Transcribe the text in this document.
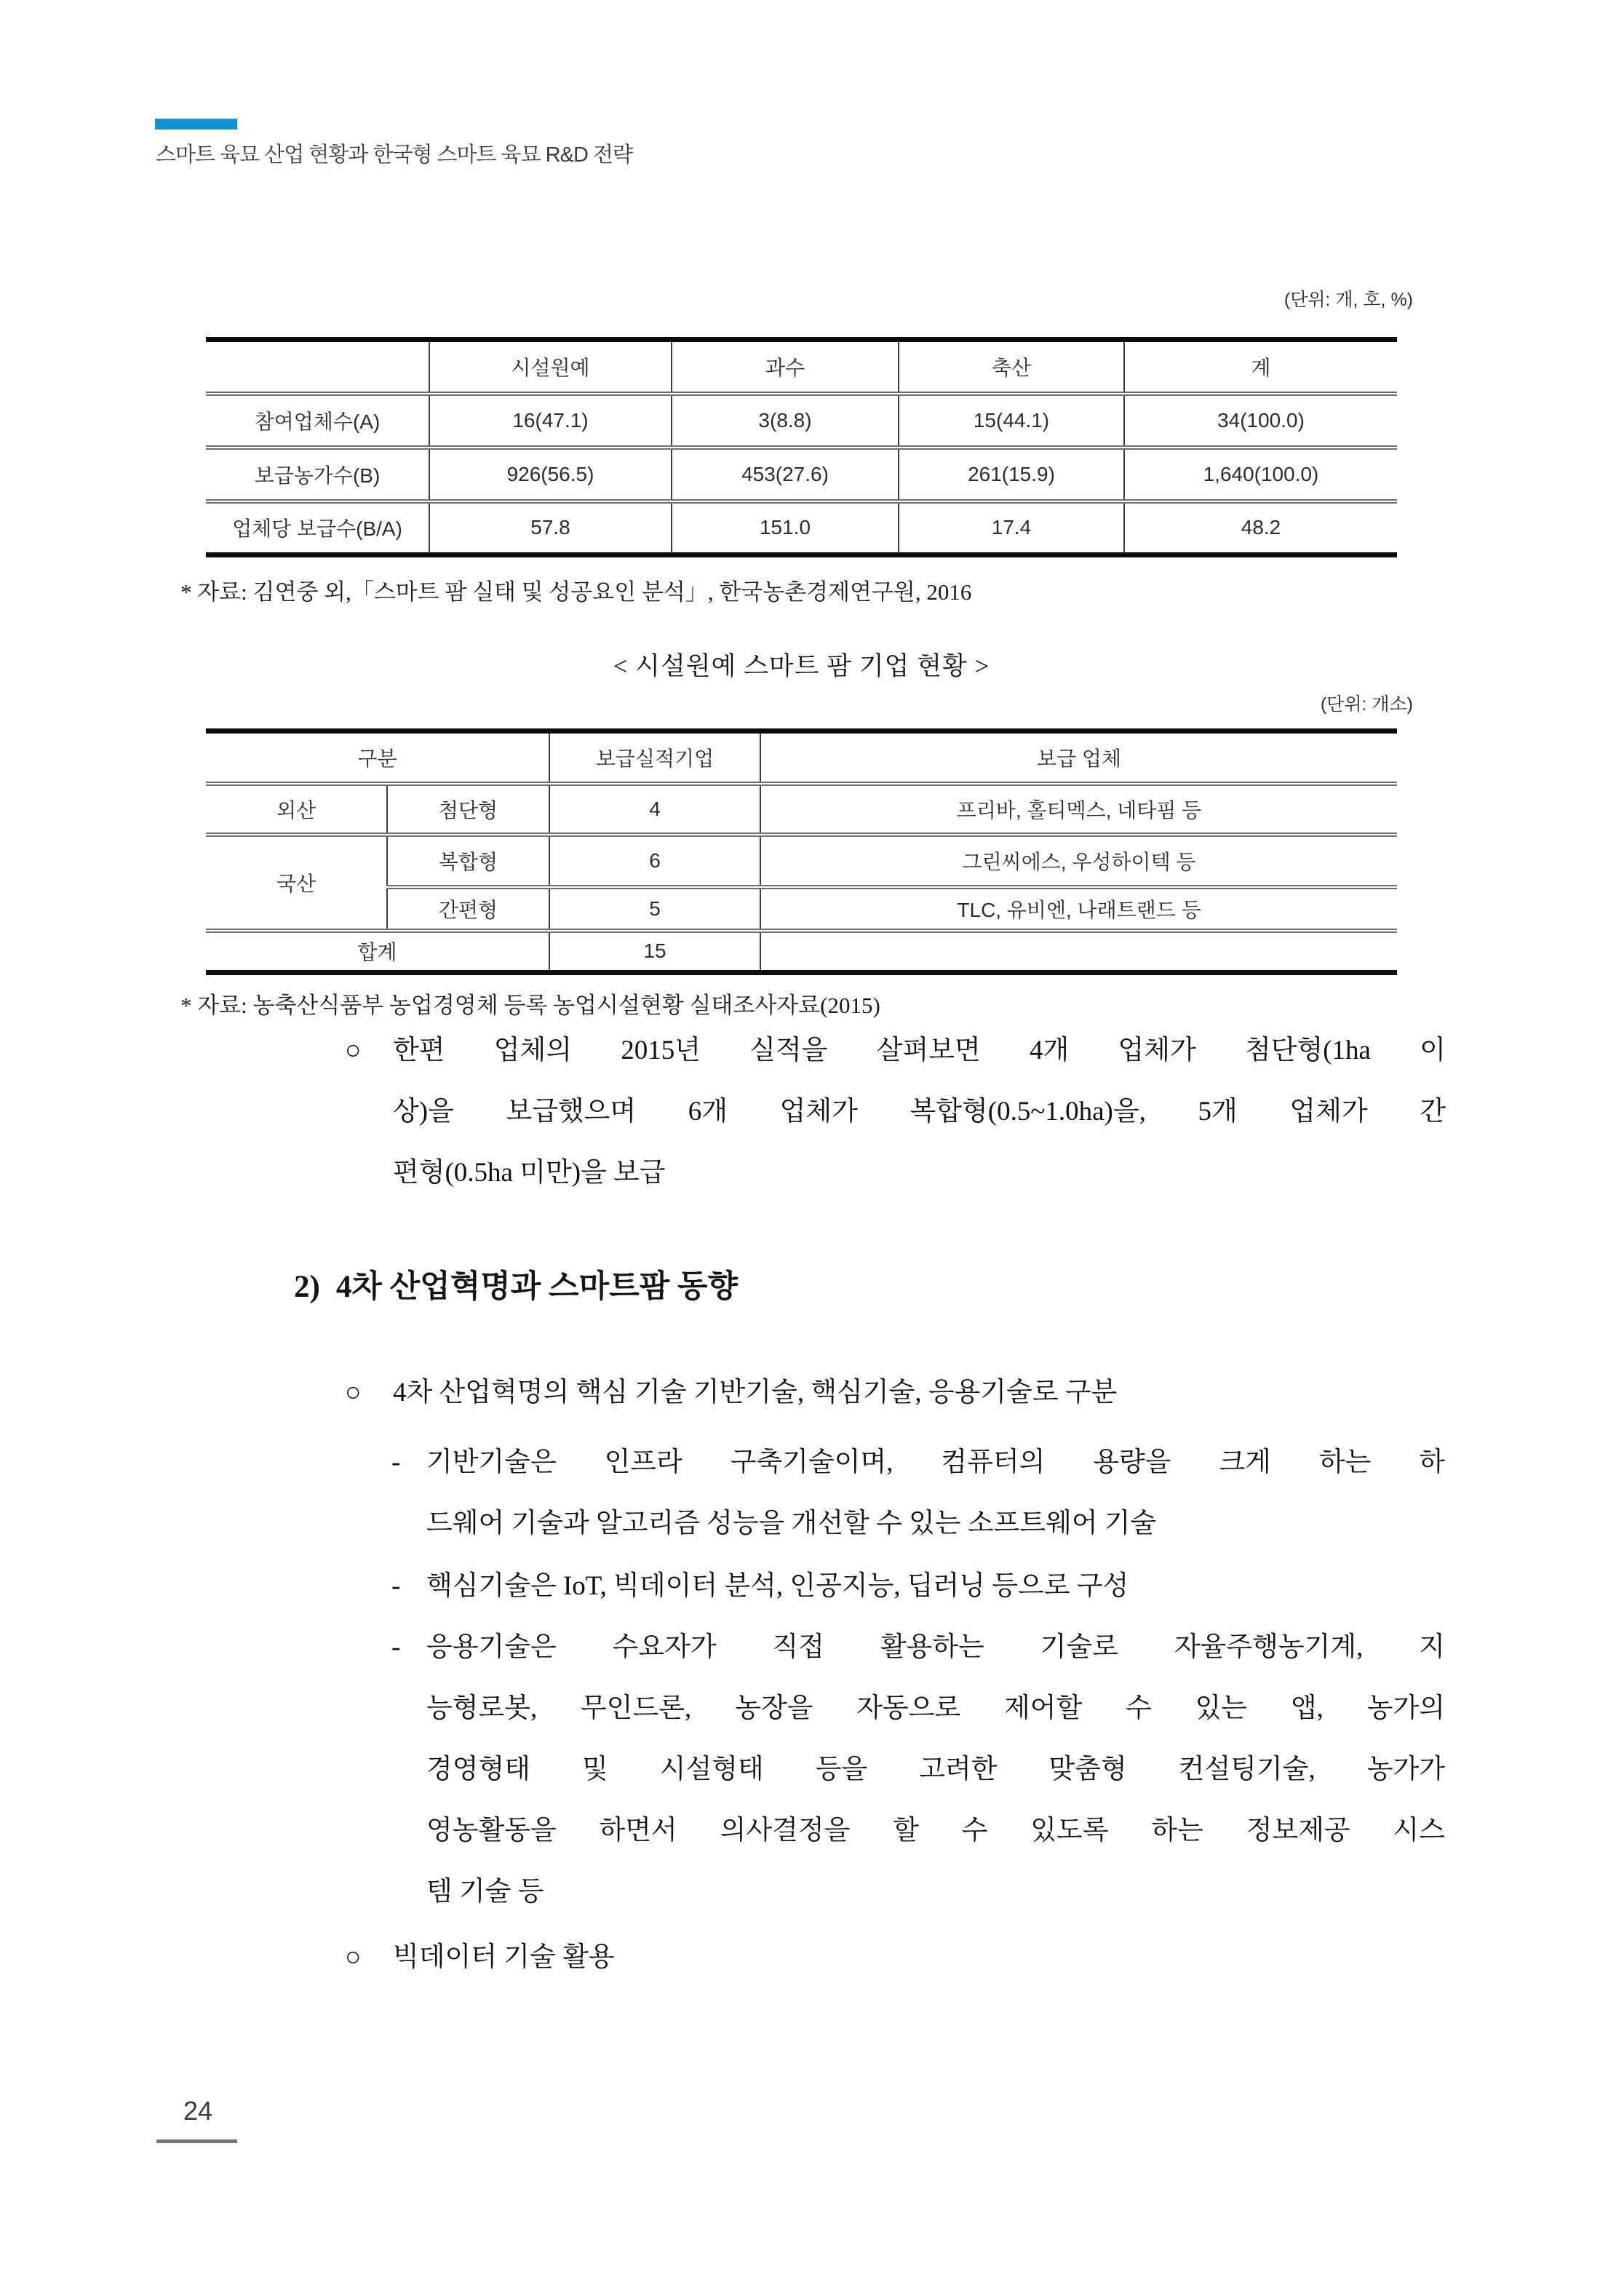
스마트 육묘 산업 현황과 한국형 스마트 육묘 R&D 전략
(단위: 개, 호, %)
	시설원예	과수	축산	계
참여업체수(A)	16(47.1)	3(8.8)	15(44.1)	34(100.0)
보급농가수(B)	926(56.5)	453(27.6)	261(15.9)	1,640(100.0)
업체당 보급수(B/A)	57.8	151.0	17.4	48.2
* 자료: 김연중 외,「스마트 팜 실태 및 성공요인 분석」, 한국농촌경제연구원, 2016
< 시설원예 스마트 팜 기업 현황 >
(단위: 개소)
구분		보급실적기업	보급 업체
외산	첨단형	4	프리바, 홀티멕스, 네타핌 등
국산	복합형	6	그린씨에스, 우성하이텍 등
	간편형	5	TLC, 유비엔, 나래트랜드 등
합계		15	
* 자료: 농축산식품부 농업경영체 등록 농업시설현황 실태조사자료(2015)
○ 한편 업체의 2015년 실적을 살펴보면 4개 업체가 첨단형(1ha 이
상)을 보급했으며 6개 업체가 복합형(0.5~1.0ha)을, 5개 업체가 간
편형(0.5ha 미만)을 보급
2) 4차 산업혁명과 스마트팜 동향
○ 4차 산업혁명의 핵심 기술 기반기술, 핵심기술, 응용기술로 구분
- 기반기술은 인프라 구축기술이며, 컴퓨터의 용량을 크게 하는 하
드웨어 기술과 알고리즘 성능을 개선할 수 있는 소프트웨어 기술
- 핵심기술은 IoT, 빅데이터 분석, 인공지능, 딥러닝 등으로 구성
- 응용기술은 수요자가 직접 활용하는 기술로 자율주행농기계, 지
능형로봇, 무인드론, 농장을 자동으로 제어할 수 있는 앱, 농가의
경영형태 및 시설형태 등을 고려한 맞춤형 컨설팅기술, 농가가
영농활동을 하면서 의사결정을 할 수 있도록 하는 정보제공 시스
템 기술 등
○ 빅데이터 기술 활용
24
